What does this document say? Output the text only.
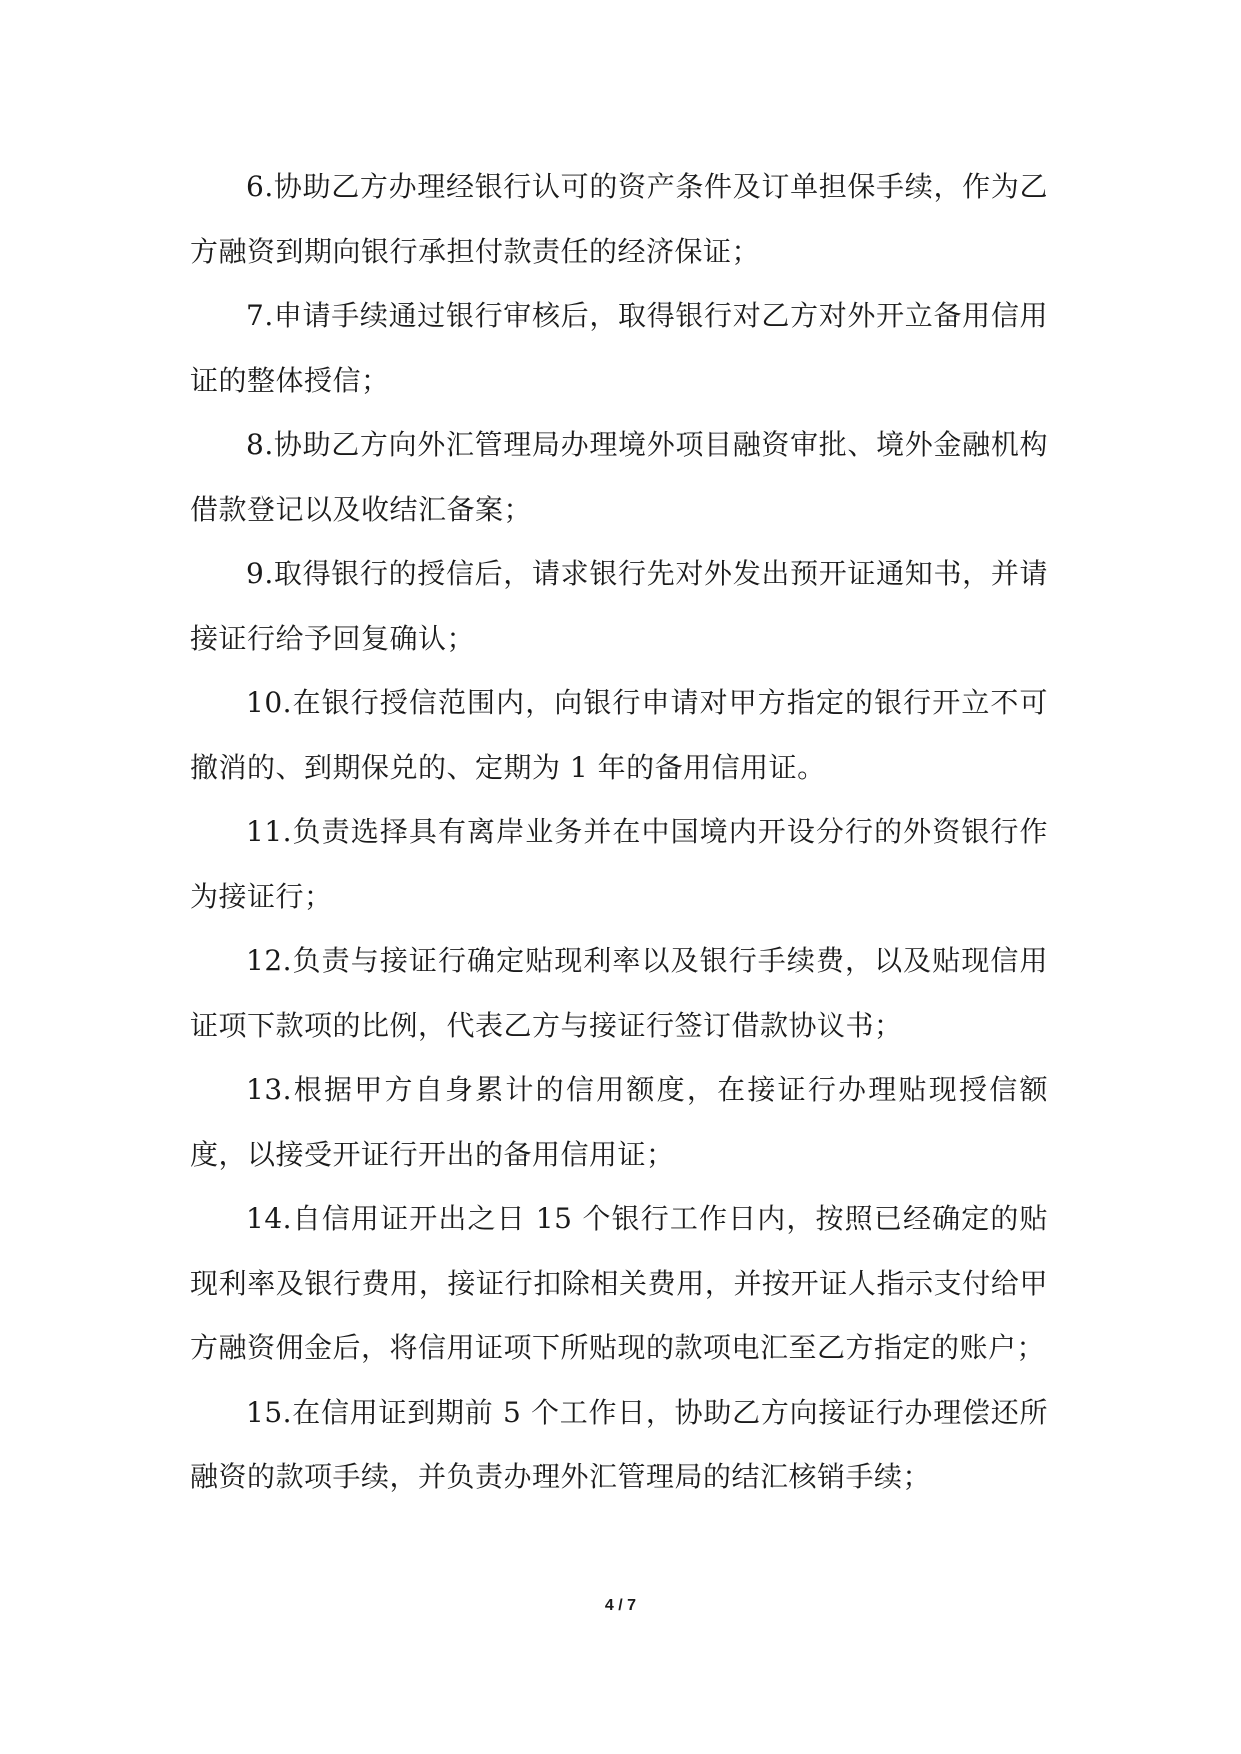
6.协助乙方办理经银行认可的资产条件及订单担保手续，作为乙方融资到期向银行承担付款责任的经济保证；

7.申请手续通过银行审核后，取得银行对乙方对外开立备用信用证的整体授信；

8.协助乙方向外汇管理局办理境外项目融资审批、境外金融机构借款登记以及收结汇备案；

9.取得银行的授信后，请求银行先对外发出预开证通知书，并请接证行给予回复确认；

10.在银行授信范围内，向银行申请对甲方指定的银行开立不可撤消的、到期保兑的、定期为 1 年的备用信用证。

11.负责选择具有离岸业务并在中国境内开设分行的外资银行作为接证行；

12.负责与接证行确定贴现利率以及银行手续费，以及贴现信用证项下款项的比例，代表乙方与接证行签订借款协议书；

13.根据甲方自身累计的信用额度，在接证行办理贴现授信额度，以接受开证行开出的备用信用证；

14.自信用证开出之日 15 个银行工作日内，按照已经确定的贴现利率及银行费用，接证行扣除相关费用，并按开证人指示支付给甲方融资佣金后，将信用证项下所贴现的款项电汇至乙方指定的账户；

15.在信用证到期前 5 个工作日，协助乙方向接证行办理偿还所融资的款项手续，并负责办理外汇管理局的结汇核销手续；

4 / 7
